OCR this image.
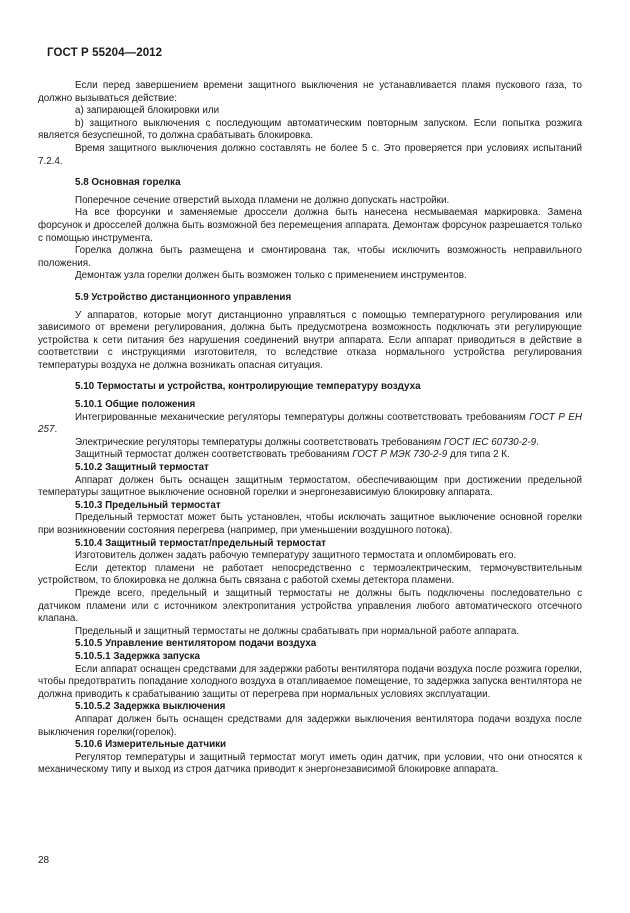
ГОСТ Р 55204—2012

Если перед завершением времени защитного выключения не устанавливается пламя пускового газа, то должно вызываться действие:

a) запирающей блокировки или

b) защитного выключения с последующим автоматическим повторным запуском. Если попытка розжига является безуспешной, то должна срабатывать блокировка.

Время защитного выключения должно составлять не более 5 с. Это проверяется при условиях испытаний 7.2.4.

5.8 Основная горелка

Поперечное сечение отверстий выхода пламени не должно допускать настройки.

На все форсунки и заменяемые дроссели должна быть нанесена несмываемая маркировка. Замена форсунок и дросселей должна быть возможной без перемещения аппарата. Демонтаж форсунок разрешается только с помощью инструмента.

Горелка должна быть размещена и смонтирована так, чтобы исключить возможность неправильного положения.

Демонтаж узла горелки должен быть возможен только с применением инструментов.

5.9 Устройство дистанционного управления

У аппаратов, которые могут дистанционно управляться с помощью температурного регулирования или зависимого от времени регулирования, должна быть предусмотрена возможность подключать эти регулирующие устройства к сети питания без нарушения соединений внутри аппарата. Если аппарат приводиться в действие в соответствии с инструкциями изготовителя, то вследствие отказа нормального устройства регулирования температуры воздуха не должна возникать опасная ситуация.

5.10 Термостаты и устройства, контролирующие температуру воздуха

5.10.1 Общие положения

Интегрированные механические регуляторы температуры должны соответствовать требованиям ГОСТ Р ЕН 257.

Электрические регуляторы температуры должны соответствовать требованиям ГОСТ IEC 60730-2-9.

Защитный термостат должен соответствовать требованиям ГОСТ Р МЭК 730-2-9 для типа 2 К.

5.10.2 Защитный термостат

Аппарат должен быть оснащен защитным термостатом, обеспечивающим при достижении предельной температуры защитное выключение основной горелки и энергонезависимую блокировку аппарата.

5.10.3 Предельный термостат

Предельный термостат может быть установлен, чтобы исключать защитное выключение основной горелки при возникновении состояния перегрева (например, при уменьшении воздушного потока).

5.10.4 Защитный термостат/предельный термостат

Изготовитель должен задать рабочую температуру защитного термостата и опломбировать его.

Если детектор пламени не работает непосредственно с термоэлектрическим, термочувствительным устройством, то блокировка не должна быть связана с работой схемы детектора пламени.

Прежде всего, предельный и защитный термостаты не должны быть подключены последовательно с датчиком пламени или с источником электропитания устройства управления любого автоматического отсечного клапана.

Предельный и защитный термостаты не должны срабатывать при нормальной работе аппарата.

5.10.5 Управление вентилятором подачи воздуха

5.10.5.1 Задержка запуска

Если аппарат оснащен средствами для задержки работы вентилятора подачи воздуха после розжига горелки, чтобы предотвратить попадание холодного воздуха в отапливаемое помещение, то задержка запуска вентилятора не должна приводить к срабатыванию защиты от перегрева при нормальных условиях эксплуатации.

5.10.5.2 Задержка выключения

Аппарат должен быть оснащен средствами для задержки выключения вентилятора подачи воздуха после выключения горелки(горелок).

5.10.6 Измерительные датчики

Регулятор температуры и защитный термостат могут иметь один датчик, при условии, что они относятся к механическому типу и выход из строя датчика приводит к энергонезависимой блокировке аппарата.

28
